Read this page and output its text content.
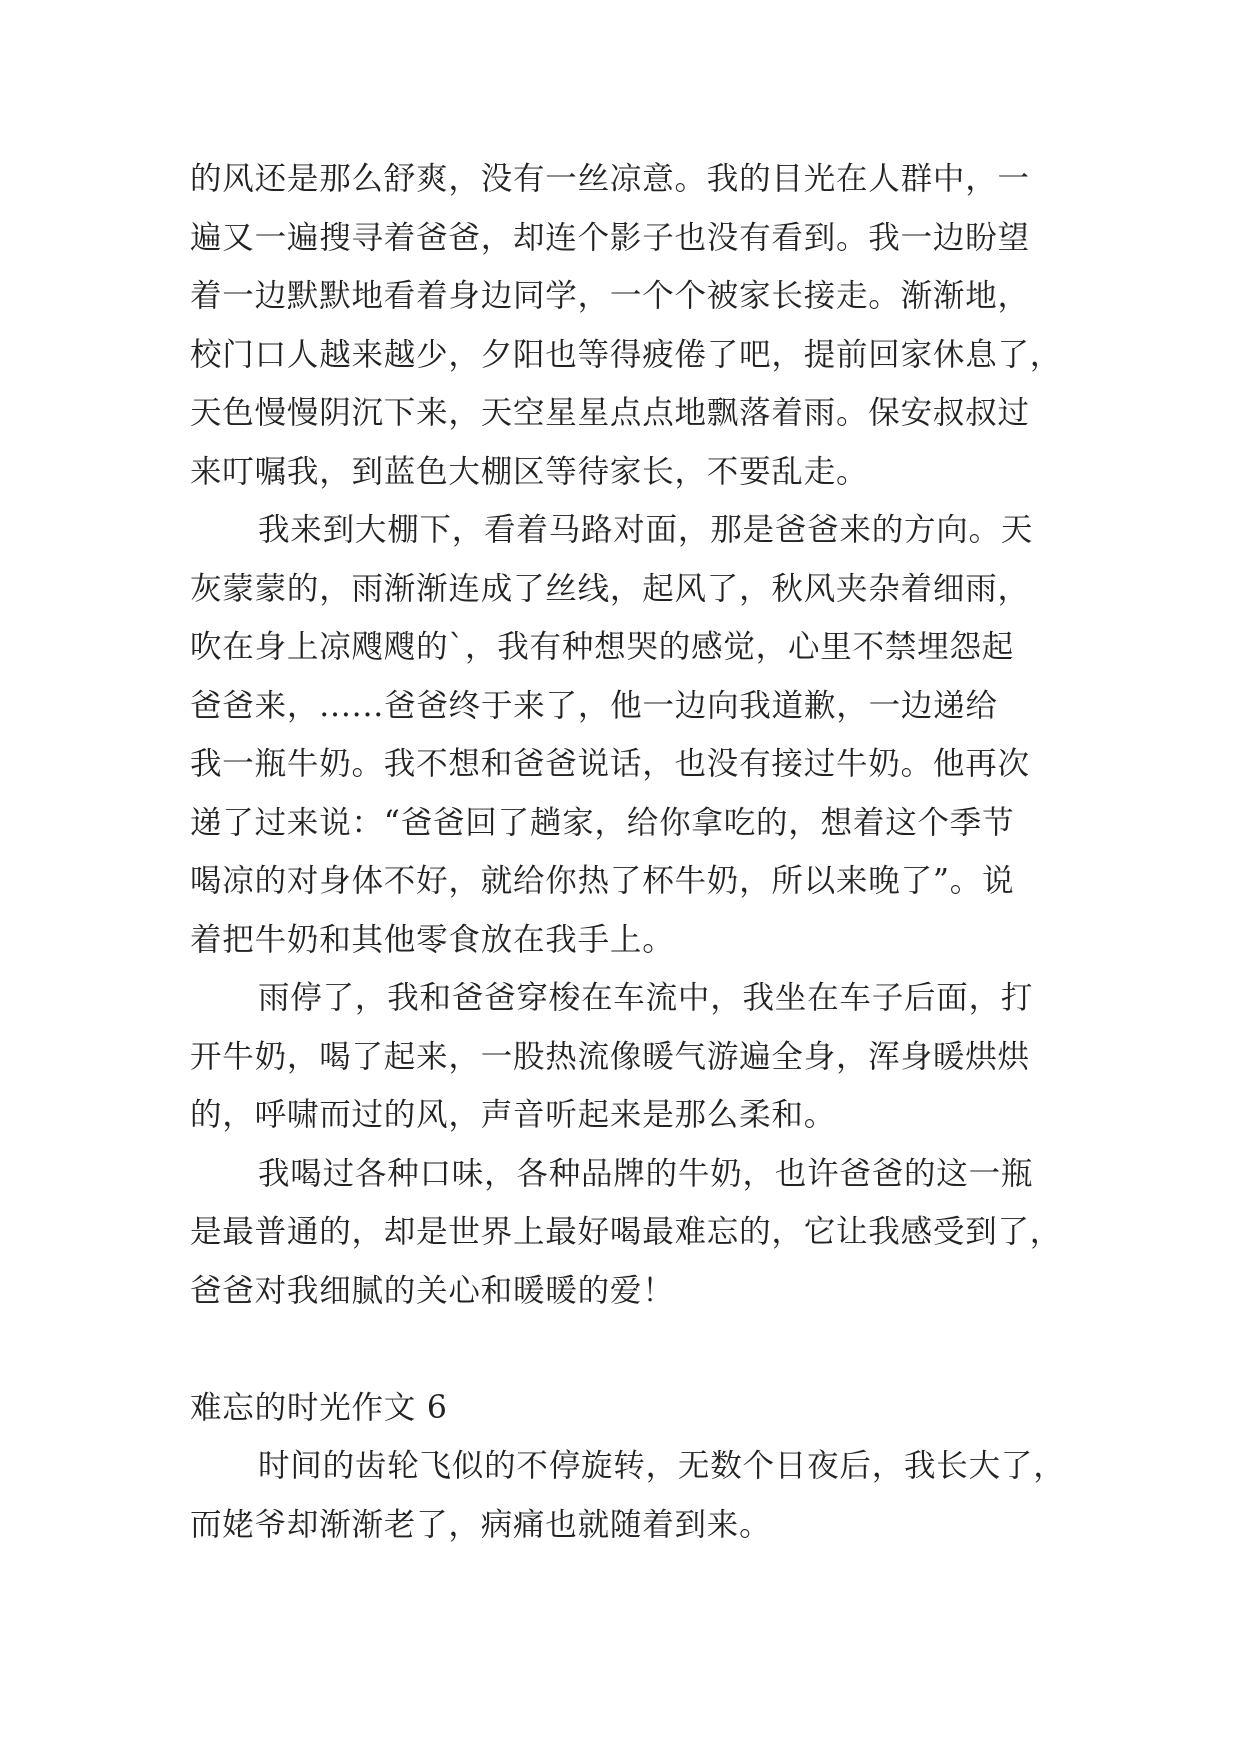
的风还是那么舒爽，没有一丝凉意。我的目光在人群中，一
遍又一遍搜寻着爸爸，却连个影子也没有看到。我一边盼望
着一边默默地看着身边同学，一个个被家长接走。渐渐地，
校门口人越来越少，夕阳也等得疲倦了吧，提前回家休息了，
天色慢慢阴沉下来，天空星星点点地飘落着雨。保安叔叔过
来叮嘱我，到蓝色大棚区等待家长，不要乱走。
我来到大棚下，看着马路对面，那是爸爸来的方向。天
灰蒙蒙的，雨渐渐连成了丝线，起风了，秋风夹杂着细雨，
吹在身上凉飕飕的`，我有种想哭的感觉，心里不禁埋怨起
爸爸来，......爸爸终于来了，他一边向我道歉，一边递给
我一瓶牛奶。我不想和爸爸说话，也没有接过牛奶。他再次
递了过来说：“爸爸回了趟家，给你拿吃的，想着这个季节
喝凉的对身体不好，就给你热了杯牛奶，所以来晚了”。说
着把牛奶和其他零食放在我手上。
雨停了，我和爸爸穿梭在车流中，我坐在车子后面，打
开牛奶，喝了起来，一股热流像暖气游遍全身，浑身暖烘烘
的，呼啸而过的风，声音听起来是那么柔和。
我喝过各种口味，各种品牌的牛奶，也许爸爸的这一瓶
是最普通的，却是世界上最好喝最难忘的，它让我感受到了，
爸爸对我细腻的关心和暖暖的爱！
难忘的时光作文 6
时间的齿轮飞似的不停旋转，无数个日夜后，我长大了，
而姥爷却渐渐老了，病痛也就随着到来。
